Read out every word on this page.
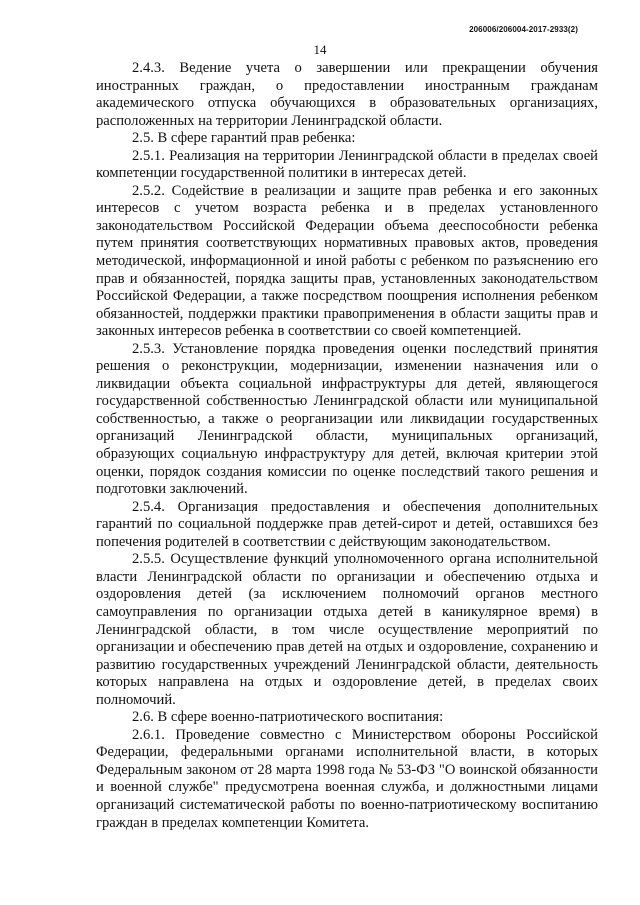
206006/206004-2017-2933(2)
14

2.4.3. Ведение учета о завершении или прекращении обучения иностранных граждан, о предоставлении иностранным гражданам академического отпуска обучающихся в образовательных организациях, расположенных на территории Ленинградской области.

2.5. В сфере гарантий прав ребенка:

2.5.1. Реализация на территории Ленинградской области в пределах своей компетенции государственной политики в интересах детей.

2.5.2. Содействие в реализации и защите прав ребенка и его законных интересов с учетом возраста ребенка и в пределах установленного законодательством Российской Федерации объема дееспособности ребенка путем принятия соответствующих нормативных правовых актов, проведения методической, информационной и иной работы с ребенком по разъяснению его прав и обязанностей, порядка защиты прав, установленных законодательством Российской Федерации, а также посредством поощрения исполнения ребенком обязанностей, поддержки практики правоприменения в области защиты прав и законных интересов ребенка в соответствии со своей компетенцией.

2.5.3. Установление порядка проведения оценки последствий принятия решения о реконструкции, модернизации, изменении назначения или о ликвидации объекта социальной инфраструктуры для детей, являющегося государственной собственностью Ленинградской области или муниципальной собственностью, а также о реорганизации или ликвидации государственных организаций Ленинградской области, муниципальных организаций, образующих социальную инфраструктуру для детей, включая критерии этой оценки, порядок создания комиссии по оценке последствий такого решения и подготовки заключений.

2.5.4. Организация предоставления и обеспечения дополнительных гарантий по социальной поддержке прав детей-сирот и детей, оставшихся без попечения родителей в соответствии с действующим законодательством.

2.5.5. Осуществление функций уполномоченного органа исполнительной власти Ленинградской области по организации и обеспечению отдыха и оздоровления детей (за исключением полномочий органов местного самоуправления по организации отдыха детей в каникулярное время) в Ленинградской области, в том числе осуществление мероприятий по организации и обеспечению прав детей на отдых и оздоровление, сохранению и развитию государственных учреждений Ленинградской области, деятельность которых направлена на отдых и оздоровление детей, в пределах своих полномочий.

2.6. В сфере военно-патриотического воспитания:

2.6.1. Проведение совместно с Министерством обороны Российской Федерации, федеральными органами исполнительной власти, в которых Федеральным законом от 28 марта 1998 года № 53-ФЗ "О воинской обязанности и военной службе" предусмотрена военная служба, и должностными лицами организаций систематической работы по военно-патриотическому воспитанию граждан в пределах компетенции Комитета.
